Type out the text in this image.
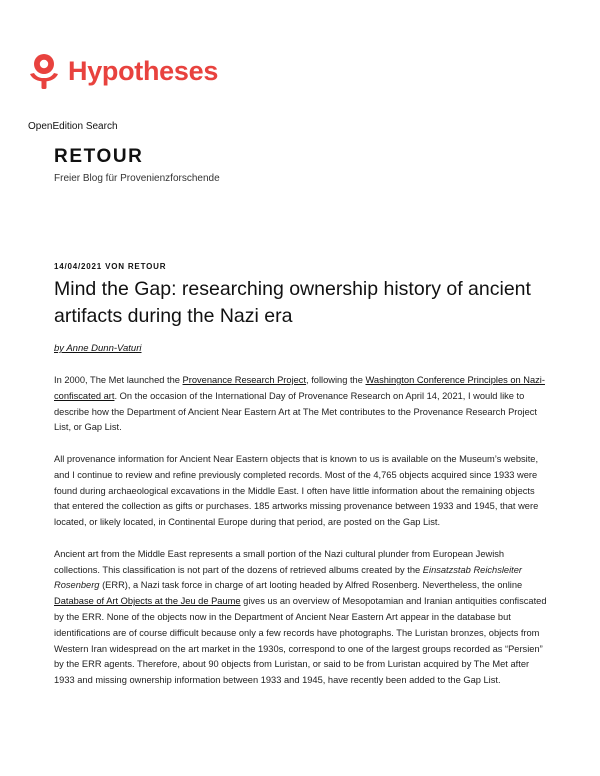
Hypotheses
OpenEdition Search
RETOUR
Freier Blog für Provenienzforschende
14/04/2021 VON RETOUR
Mind the Gap: researching ownership history of ancient artifacts during the Nazi era
by Anne Dunn-Vaturi

In 2000, The Met launched the Provenance Research Project, following the Washington Conference Principles on Nazi-confiscated art. On the occasion of the International Day of Provenance Research on April 14, 2021, I would like to describe how the Department of Ancient Near Eastern Art at The Met contributes to the Provenance Research Project List, or Gap List.

All provenance information for Ancient Near Eastern objects that is known to us is available on the Museum’s website, and I continue to review and refine previously completed records. Most of the 4,765 objects acquired since 1933 were found during archaeological excavations in the Middle East. I often have little information about the remaining objects that entered the collection as gifts or purchases. 185 artworks missing provenance between 1933 and 1945, that were located, or likely located, in Continental Europe during that period, are posted on the Gap List.

Ancient art from the Middle East represents a small portion of the Nazi cultural plunder from European Jewish collections. This classification is not part of the dozens of retrieved albums created by the Einsatzstab Reichsleiter Rosenberg (ERR), a Nazi task force in charge of art looting headed by Alfred Rosenberg. Nevertheless, the online Database of Art Objects at the Jeu de Paume gives us an overview of Mesopotamian and Iranian antiquities confiscated by the ERR. None of the objects now in the Department of Ancient Near Eastern Art appear in the database but identifications are of course difficult because only a few records have photographs. The Luristan bronzes, objects from Western Iran widespread on the art market in the 1930s, correspond to one of the largest groups recorded as “Persien” by the ERR agents. Therefore, about 90 objects from Luristan, or said to be from Luristan acquired by The Met after 1933 and missing ownership information between 1933 and 1945, have recently been added to the Gap List.
